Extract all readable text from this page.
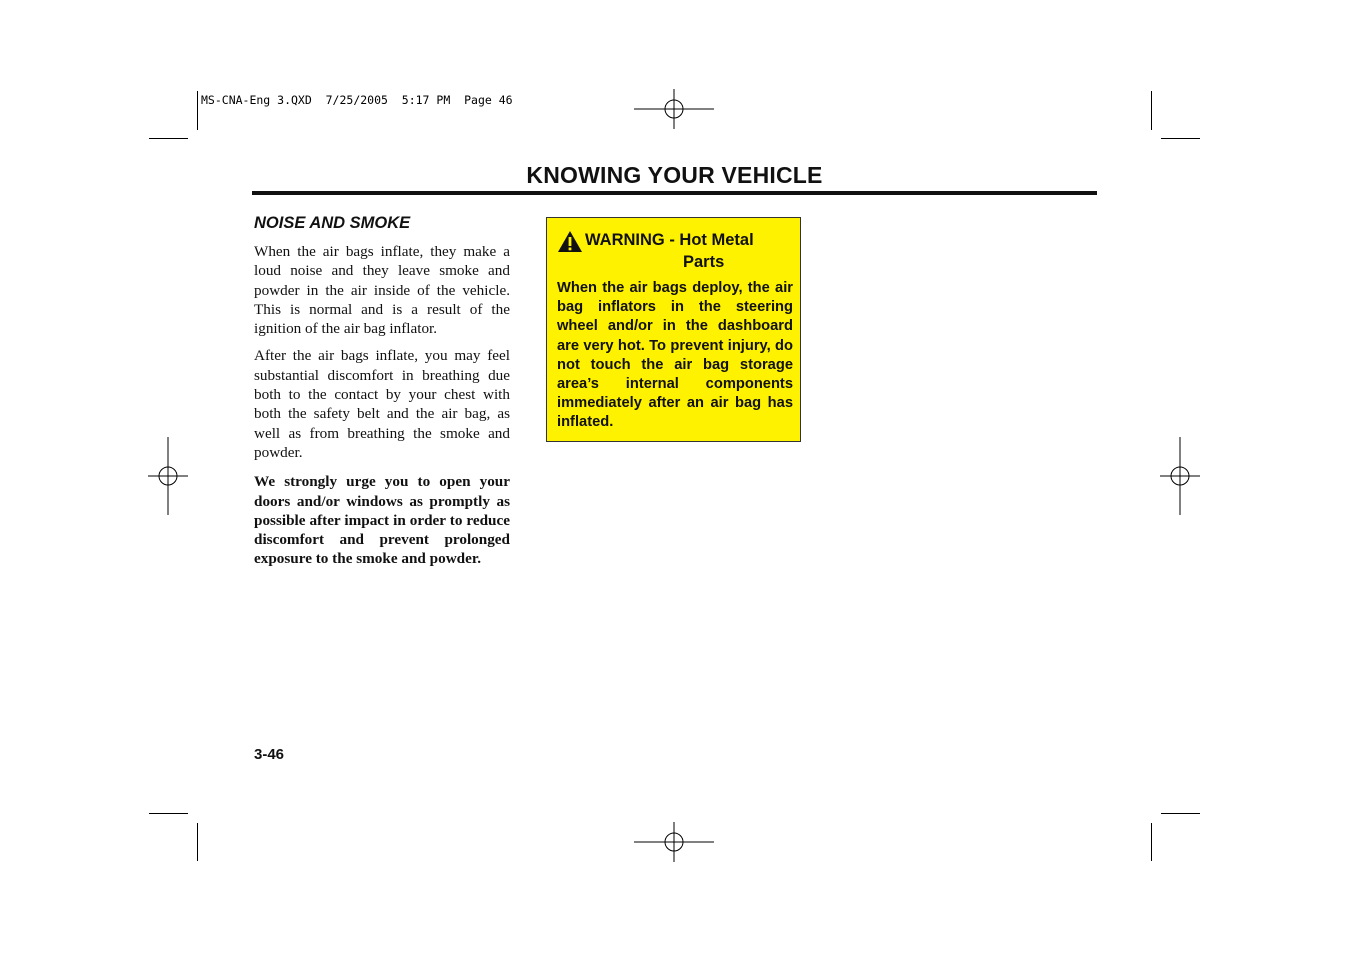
MS-CNA-Eng 3.QXD  7/25/2005  5:17 PM  Page 46
KNOWING YOUR VEHICLE
NOISE AND SMOKE

When the air bags inflate, they make a loud noise and they leave smoke and powder in the air inside of the vehicle. This is normal and is a result of the ignition of the air bag inflator.

After the air bags inflate, you may feel substantial discomfort in breathing due both to the contact by your chest with both the safety belt and the air bag, as well as from breathing the smoke and powder.

We strongly urge you to open your doors and/or windows as promptly as possible after impact in order to reduce discomfort and prevent prolonged exposure to the smoke and powder.

WARNING - Hot Metal
Parts

When the air bags deploy, the air bag inflators in the steering wheel and/or in the dashboard are very hot. To prevent injury, do not touch the air bag storage area’s internal components immediately after an air bag has inflated.

3-46
